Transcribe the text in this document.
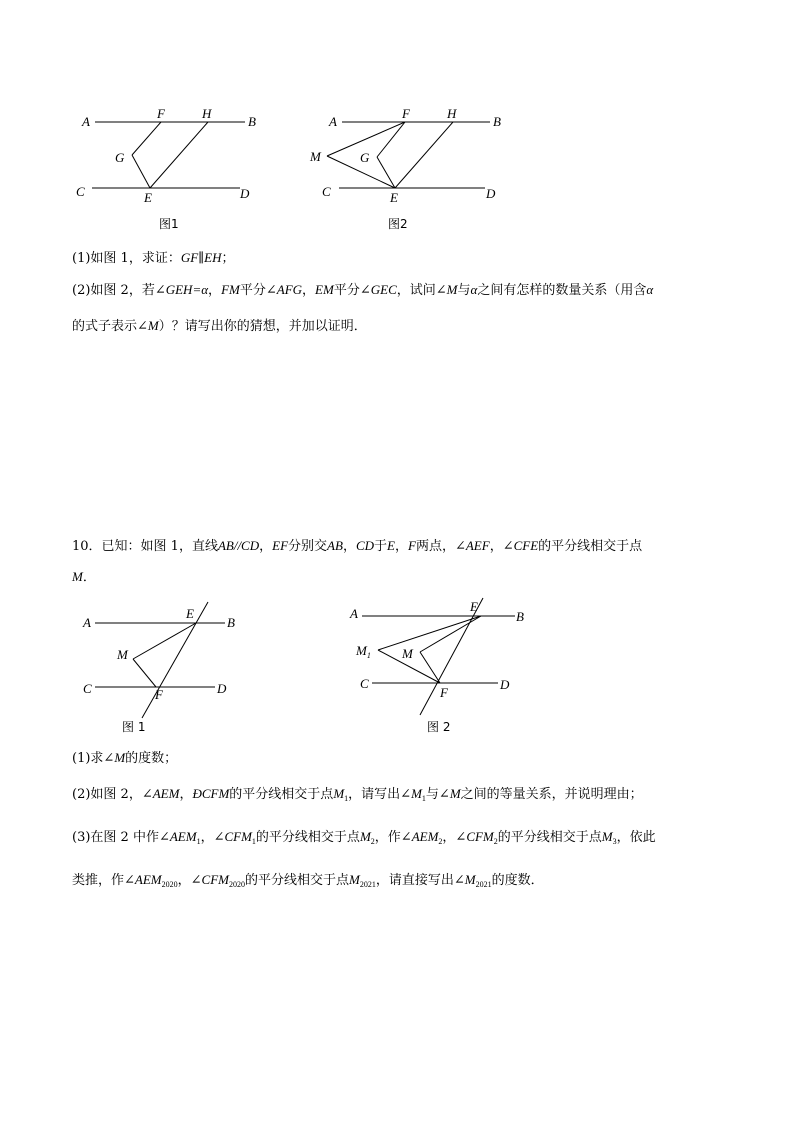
A
F	H
B
G
C	E	D
图1
A
F	H
B
M	G
C	E	D
图2
(1)如图 1，求证：GF∥EH；
(2)如图 2，若∠GEH=α，FM平分∠AFG，EM平分∠GEC，试问∠M与α之间有怎样的数量关系（用含α
的式子表示∠M）？请写出你的猜想，并加以证明．
10．已知：如图 1，直线AB//CD，EF分别交AB，CD于E，F两点，∠AEF，∠CFE的平分线相交于点
M．
A
E
B
M
C	F	D
图 1
A	E
B
$M_1$ M
C
F
D
图 2
(1)求∠M的度数；
(2)如图 2，∠AEM，ÐCFM的平分线相交于点$M_1$，请写出$\angle M_1$与∠M之间的等量关系，并说明理由；
(3)在图 2 中作$\angle AEM_1$，$\angle CFM_1$的平分线相交于点$M_2$，作$\angle AEM_2$，$\angle CFM_2$的平分线相交于点$M_3$，依此
类推，作$\angle AEM_{2020}$，$\angle CFM_{2020}$的平分线相交于点$M_{2021}$，请直接写出$\angle M_{2021}$的度数．
